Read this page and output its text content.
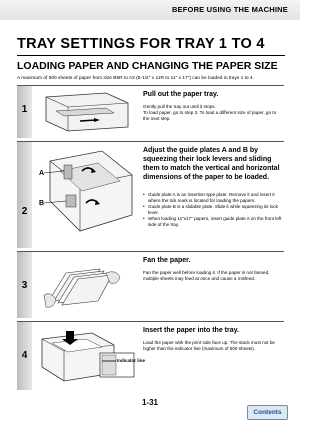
BEFORE USING THE MACHINE
TRAY SETTINGS FOR TRAY 1 TO 4
LOADING PAPER AND CHANGING THE PAPER SIZE
A maximum of 500 sheets of paper from size B5R to A3 (8-1/2" x 11R to 11" x 17") can be loaded in trays 1 to 4.
1
Pull out the paper tray.
Gently pull the tray out until it stops.
To load paper, go to step 3. To load a different size of paper, go to the next step.
2
A
B
Adjust the guide plates A and B by squeezing their lock levers and sliding them to match the vertical and horizontal dimensions of the paper to be loaded.
• Guide plate A is an insertion-type plate. Remove it and insert it where the tick mark is located for loading the papers.
• Guide plate B is a slidable plate. Slide it while squeezing its lock lever.
• When loading 11"x17" papers, insert guide plate A on the front left side of the tray.
3
Fan the paper.
Fan the paper well before loading it. If the paper is not fanned, multiple sheets may feed at once and cause a misfeed.
4	Indicator line
Insert the paper into the tray.
Load the paper with the print side face up. The stack must not be higher than the indicator line (maximum of 500 sheets).
1-31
Contents
